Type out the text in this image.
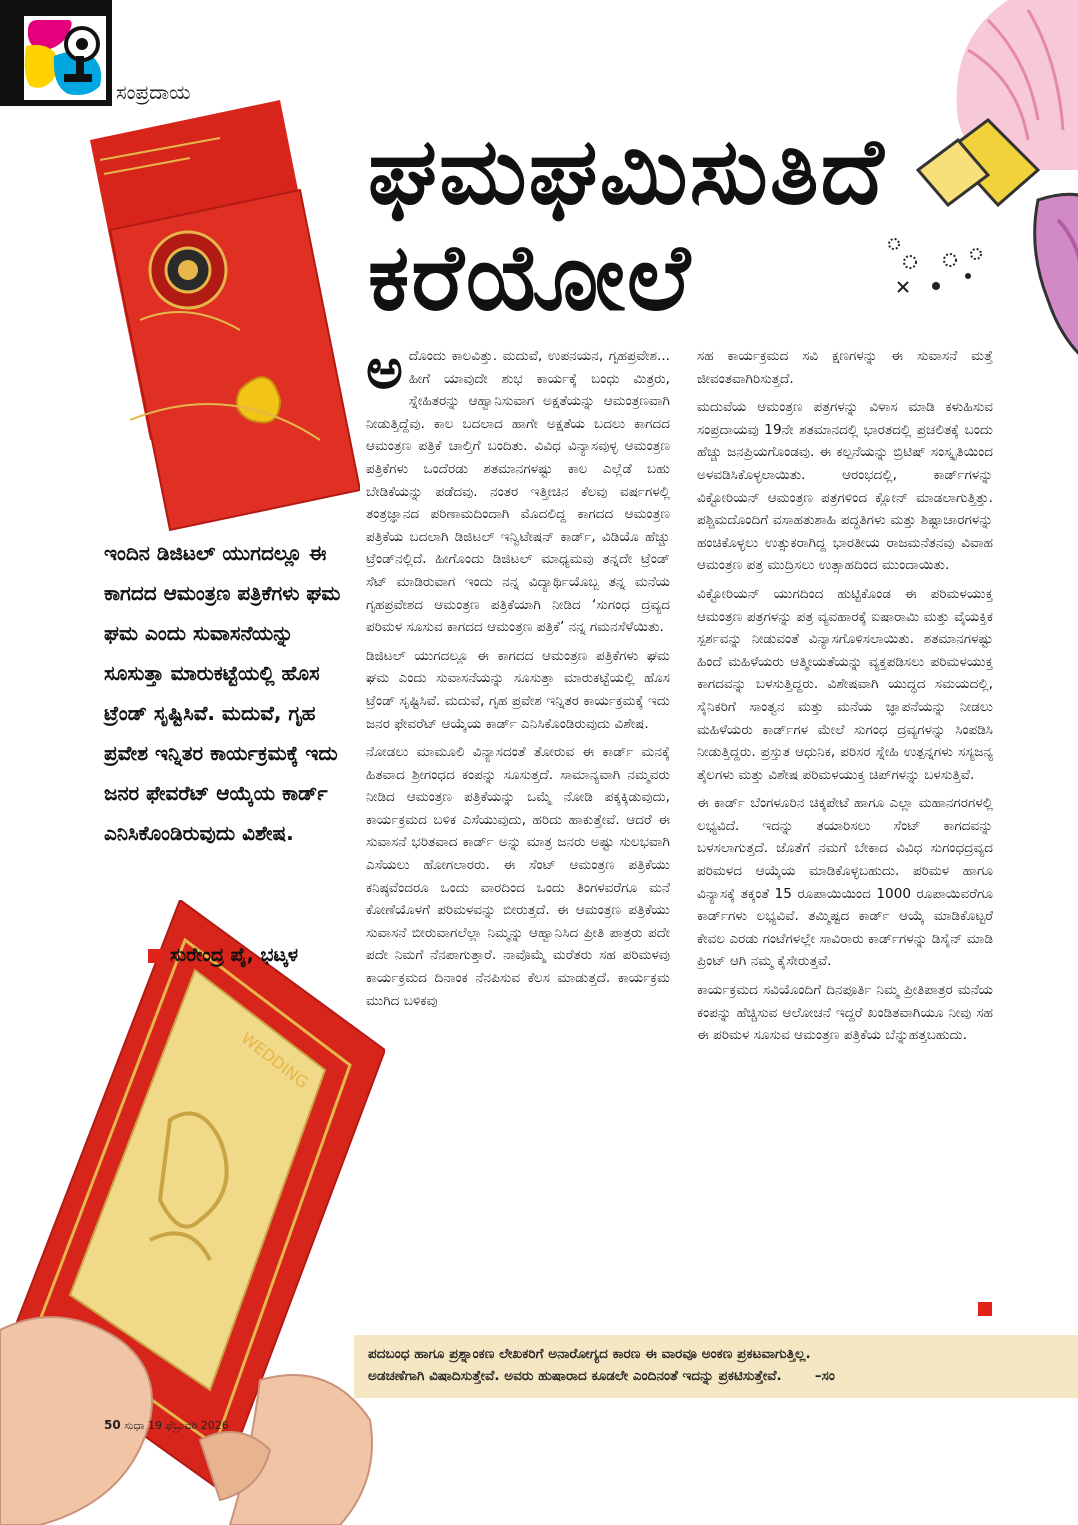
ಸಂಪ್ರದಾಯ
ಘಮಘಮಿಸುತಿದೆ
ಕರೆಯೋಲೆ
WEDDING
ಇಂದಿನ ಡಿಜಿಟಲ್ ಯುಗದಲ್ಲೂ ಈ ಕಾಗದದ ಆಮಂತ್ರಣ ಪತ್ರಿಕೆಗಳು ಘಮ ಘಮ ಎಂದು ಸುವಾಸನೆಯನ್ನು ಸೂಸುತ್ತಾ ಮಾರುಕಟ್ಟೆಯಲ್ಲಿ ಹೊಸ ಟ್ರೆಂಡ್ ಸೃಷ್ಟಿಸಿವೆ. ಮದುವೆ, ಗೃಹ ಪ್ರವೇಶ ಇನ್ನಿತರ ಕಾರ್ಯಕ್ರಮಕ್ಕೆ ಇದು ಜನರ ಫೇವರೆಟ್ ಆಯ್ಕೆಯ ಕಾರ್ಡ್ ಎನಿಸಿಕೊಂಡಿರುವುದು ವಿಶೇಷ.
ಸುರೇಂದ್ರ ಪೈ, ಭಟ್ಕಳ

ಅದೊಂದು ಕಾಲವಿತ್ತು. ಮದುವೆ, ಉಪನಯನ, ಗೃಹಪ್ರವೇಶ... ಹೀಗೆ ಯಾವುದೇ ಶುಭ ಕಾರ್ಯಕ್ಕೆ ಬಂಧು ಮಿತ್ರರು, ಸ್ನೇಹಿತರನ್ನು ಆಹ್ವಾನಿಸುವಾಗ ಅಕ್ಷತೆಯನ್ನು ಆಮಂತ್ರಣವಾಗಿ ನೀಡುತ್ತಿದ್ದೆವು. ಕಾಲ ಬದಲಾದ ಹಾಗೇ ಅಕ್ಷತೆಯ ಬದಲು ಕಾಗದದ ಆಮಂತ್ರಣ ಪತ್ರಿಕೆ ಚಾಲ್ತಿಗೆ ಬಂದಿತು. ವಿವಿಧ ವಿನ್ಯಾಸವುಳ್ಳ ಆಮಂತ್ರಣ ಪತ್ರಿಕೆಗಳು ಒಂದೆರಡು ಶತಮಾನಗಳಷ್ಟು ಕಾಲ ಎಲ್ಲೆಡೆ ಬಹು ಬೇಡಿಕೆಯನ್ನು ಪಡೆದವು. ನಂತರ ಇತ್ತೀಚಿನ ಕೆಲವು ವರ್ಷಗಳಲ್ಲಿ ತಂತ್ರಜ್ಞಾನದ ಪರಿಣಾಮದಿಂದಾಗಿ ಮೊದಲಿದ್ದ ಕಾಗದದ ಆಮಂತ್ರಣ ಪತ್ರಿಕೆಯ ಬದಲಾಗಿ ಡಿಜಿಟಲ್ ಇನ್ವಿಟೇಷನ್ ಕಾರ್ಡ್, ವಿಡಿಯೊ ಹೆಚ್ಚು ಟ್ರೆಂಡ್‌ನಲ್ಲಿದೆ. ಹೀಗೊಂದು ಡಿಜಿಟಲ್ ಮಾಧ್ಯಮವು ತನ್ನದೇ ಟ್ರೆಂಡ್ ಸೆಟ್ ಮಾಡಿರುವಾಗ ಇಂದು ನನ್ನ ವಿದ್ಯಾರ್ಥಿಯೊಬ್ಬ ತನ್ನ ಮನೆಯ ಗೃಹಪ್ರವೇಶದ ಆಮಂತ್ರಣ ಪತ್ರಿಕೆಯಾಗಿ ನೀಡಿದ ‘ಸುಗಂಧ ದ್ರವ್ಯದ ಪರಿಮಳ ಸೂಸುವ ಕಾಗದದ ಆಮಂತ್ರಣ ಪತ್ರಿಕೆ’ ನನ್ನ ಗಮನಸೆಳೆಯಿತು.

ಡಿಜಿಟಲ್ ಯುಗದಲ್ಲೂ ಈ ಕಾಗದದ ಆಮಂತ್ರಣ ಪತ್ರಿಕೆಗಳು ಘಮ ಘಮ ಎಂದು ಸುವಾಸನೆಯನ್ನು ಸೂಸುತ್ತಾ ಮಾರುಕಟ್ಟೆಯಲ್ಲಿ ಹೊಸ ಟ್ರೆಂಡ್ ಸೃಷ್ಟಿಸಿವೆ. ಮದುವೆ, ಗೃಹ ಪ್ರವೇಶ ಇನ್ನಿತರ ಕಾರ್ಯಕ್ರಮಕ್ಕೆ ಇದು ಜನರ ಫೇವರೆಟ್ ಆಯ್ಕೆಯ ಕಾರ್ಡ್ ಎನಿಸಿಕೊಂಡಿರುವುದು ವಿಶೇಷ.

ನೋಡಲು ಮಾಮೂಲಿ ವಿನ್ಯಾಸದಂತೆ ತೋರುವ ಈ ಕಾರ್ಡ್ ಮನಕ್ಕೆ ಹಿತವಾದ ಶ್ರೀಗಂಧದ ಕಂಪನ್ನು ಸೂಸುತ್ತದೆ. ಸಾಮಾನ್ಯವಾಗಿ ನಮ್ಮವರು ನೀಡಿದ ಆಮಂತ್ರಣ ಪತ್ರಿಕೆಯನ್ನು ಒಮ್ಮೆ ನೋಡಿ ಪಕ್ಕಕ್ಕಿಡುವುದು, ಕಾರ್ಯಕ್ರಮದ ಬಳಿಕ ಎಸೆಯುವುದು, ಹರಿದು ಹಾಕುತ್ತೇವೆ. ಆದರೆ ಈ ಸುವಾಸನೆ ಭರಿತವಾದ ಕಾರ್ಡ್ ಅನ್ನು ಮಾತ್ರ ಜನರು ಅಷ್ಟು ಸುಲಭವಾಗಿ ಎಸೆಯಲು ಹೋಗಲಾರರು. ಈ ಸೆಂಟ್ ಆಮಂತ್ರಣ ಪತ್ರಿಕೆಯು ಕನಿಷ್ಠವೆಂದರೂ ಒಂದು ವಾರದಿಂದ ಒಂದು ತಿಂಗಳವರೆಗೂ ಮನೆ ಕೋಣೆಯೊಳಗೆ ಪರಿಮಳವನ್ನು ಬೀರುತ್ತದೆ. ಈ ಆಮಂತ್ರಣ ಪತ್ರಿಕೆಯು ಸುವಾಸನೆ ಬೀರುವಾಗಲೆಲ್ಲಾ ನಿಮ್ಮನ್ನು ಆಹ್ವಾನಿಸಿದ ಪ್ರೀತಿ ಪಾತ್ರರು ಪದೇ ಪದೇ ನಿಮಗೆ ನೆನಪಾಗುತ್ತಾರೆ. ನಾವೊಮ್ಮೆ ಮರೆತರು ಸಹ ಪರಿಮಳವು ಕಾರ್ಯಕ್ರಮದ ದಿನಾಂಕ ನೆನಪಿಸುವ ಕೆಲಸ ಮಾಡುತ್ತದೆ. ಕಾರ್ಯಕ್ರಮ ಮುಗಿದ ಬಳಿಕವು

ಸಹ ಕಾರ್ಯಕ್ರಮದ ಸವಿ ಕ್ಷಣಗಳನ್ನು ಈ ಸುವಾಸನೆ ಮತ್ತೆ ಜೀವಂತವಾಗಿರಿಸುತ್ತದೆ.

ಮದುವೆಯ ಆಮಂತ್ರಣ ಪತ್ರಗಳನ್ನು ವಿಳಾಸ ಮಾಡಿ ಕಳುಹಿಸುವ ಸಂಪ್ರದಾಯವು 19ನೇ ಶತಮಾನದಲ್ಲಿ ಭಾರತದಲ್ಲಿ ಪ್ರಚಲಿತಕ್ಕೆ ಬಂದು ಹೆಚ್ಚು ಜನಪ್ರಿಯಗೊಂಡವು. ಈ ಕಲ್ಪನೆಯನ್ನು ಬ್ರಿಟಿಷ್ ಸಂಸ್ಕೃತಿಯಿಂದ ಅಳವಡಿಸಿಕೊಳ್ಳಲಾಯಿತು. ಆರಂಭದಲ್ಲಿ, ಕಾರ್ಡ್‌ಗಳನ್ನು ವಿಕ್ಟೋರಿಯನ್ ಆಮಂತ್ರಣ ಪತ್ರಗಳಿಂದ ಕ್ಲೋನ್ ಮಾಡಲಾಗುತ್ತಿತ್ತು. ಪಶ್ಚಿಮದೊಂದಿಗೆ ವಸಾಹತುಶಾಹಿ ಪದ್ಧತಿಗಳು ಮತ್ತು ಶಿಷ್ಟಾಚಾರಗಳನ್ನು ಹಂಚಿಕೊಳ್ಳಲು ಉತ್ಸುಕರಾಗಿದ್ದ ಭಾರತೀಯ ರಾಜಮನೆತನವು ವಿವಾಹ ಆಮಂತ್ರಣ ಪತ್ರ ಮುದ್ರಿಸಲು ಉತ್ಸಾಹದಿಂದ ಮುಂದಾಯಿತು.

ವಿಕ್ಟೋರಿಯನ್ ಯುಗದಿಂದ ಹುಟ್ಟಿಕೊಂಡ ಈ ಪರಿಮಳಯುಕ್ತ ಆಮಂತ್ರಣ ಪತ್ರಗಳನ್ನು ಪತ್ರ ವ್ಯವಹಾರಕ್ಕೆ ಐಷಾರಾಮಿ ಮತ್ತು ವೈಯಕ್ತಿಕ ಸ್ಪರ್ಶವನ್ನು ನೀಡುವಂತೆ ವಿನ್ಯಾಸಗೊಳಿಸಲಾಯಿತು. ಶತಮಾನಗಳಷ್ಟು ಹಿಂದೆ ಮಹಿಳೆಯರು ಆತ್ಮೀಯತೆಯನ್ನು ವ್ಯಕ್ತಪಡಿಸಲು ಪರಿಮಳಯುಕ್ತ ಕಾಗದವನ್ನು ಬಳಸುತ್ತಿದ್ದರು. ವಿಶೇಷವಾಗಿ ಯುದ್ಧದ ಸಮಯದಲ್ಲಿ, ಸೈನಿಕರಿಗೆ ಸಾಂತ್ವನ ಮತ್ತು ಮನೆಯ ಜ್ಞಾಪನೆಯನ್ನು ನೀಡಲು ಮಹಿಳೆಯರು ಕಾರ್ಡ್‌ಗಳ ಮೇಲೆ ಸುಗಂಧ ದ್ರವ್ಯಗಳನ್ನು ಸಿಂಪಡಿಸಿ ನೀಡುತ್ತಿದ್ದರು. ಪ್ರಸ್ತುತ ಆಧುನಿಕ, ಪರಿಸರ ಸ್ನೇಹಿ ಉತ್ಪನ್ನಗಳು ಸಸ್ಯಜನ್ಯ ತೈಲಗಳು ಮತ್ತು ವಿಶೇಷ ಪರಿಮಳಯುಕ್ತ ಚಿಪ್‌ಗಳನ್ನು ಬಳಸುತ್ತಿವೆ.

ಈ ಕಾರ್ಡ್ ಬೆಂಗಳೂರಿನ ಚಿಕ್ಕಪೇಟೆ ಹಾಗೂ ಎಲ್ಲಾ ಮಹಾನಗರಗಳಲ್ಲಿ ಲಭ್ಯವಿದೆ. ಇದನ್ನು ತಯಾರಿಸಲು ಸೆಂಟ್ ಕಾಗದವನ್ನು ಬಳಸಲಾಗುತ್ತದೆ. ಜೊತೆಗೆ ನಮಗೆ ಬೇಕಾದ ವಿವಿಧ ಸುಗಂಧದ್ರವ್ಯದ ಪರಿಮಳದ ಆಯ್ಕೆಯ ಮಾಡಿಕೊಳ್ಳಬಹುದು. ಪರಿಮಳ ಹಾಗೂ ವಿನ್ಯಾಸಕ್ಕೆ ತಕ್ಕಂತೆ 15 ರೂಪಾಯಿಯಿಂದ 1000 ರೂಪಾಯಿವರೆಗೂ ಕಾರ್ಡ್‌ಗಳು ಲಭ್ಯವಿವೆ. ತಮ್ಮಿಷ್ಟದ ಕಾರ್ಡ್ ಆಯ್ಕೆ ಮಾಡಿಕೊಟ್ಟರೆ ಕೇವಲ ಎರಡು ಗಂಟೆಗಳಲ್ಲೇ ಸಾವಿರಾರು ಕಾರ್ಡ್‌ಗಳನ್ನು ಡಿಸೈನ್ ಮಾಡಿ ಪ್ರಿಂಟ್ ಆಗಿ ನಮ್ಮ ಕೈಸೇರುತ್ತವೆ.

ಕಾರ್ಯಕ್ರಮದ ಸವಿಯೊಂದಿಗೆ ದಿನಪೂರ್ತಿ ನಿಮ್ಮ ಪ್ರೀತಿಪಾತ್ರರ ಮನೆಯ ಕಂಪನ್ನು ಹೆಚ್ಚಿಸುವ ಆಲೋಚನೆ ಇದ್ದರೆ ಖಂಡಿತವಾಗಿಯೂ ನೀವು ಸಹ ಈ ಪರಿಮಳ ಸೂಸುವ ಆಮಂತ್ರಣ ಪತ್ರಿಕೆಯ ಬೆನ್ನುಹತ್ತಬಹುದು.

ಪದಬಂಧ ಹಾಗೂ ಪ್ರಶ್ನಾಂಕಣ ಲೇಖಕರಿಗೆ ಅನಾರೋಗ್ಯದ ಕಾರಣ ಈ ವಾರವೂ ಅಂಕಣ ಪ್ರಕಟವಾಗುತ್ತಿಲ್ಲ.
ಅಡಚಣೆಗಾಗಿ ವಿಷಾದಿಸುತ್ತೇವೆ. ಅವರು ಹುಷಾರಾದ ಕೂಡಲೇ ಎಂದಿನಂತೆ ಇದನ್ನು ಪ್ರಕಟಿಸುತ್ತೇವೆ. –ಸಂ
50 ಸುಧಾ 19 ಫೆಬ್ರುವರಿ 2026
